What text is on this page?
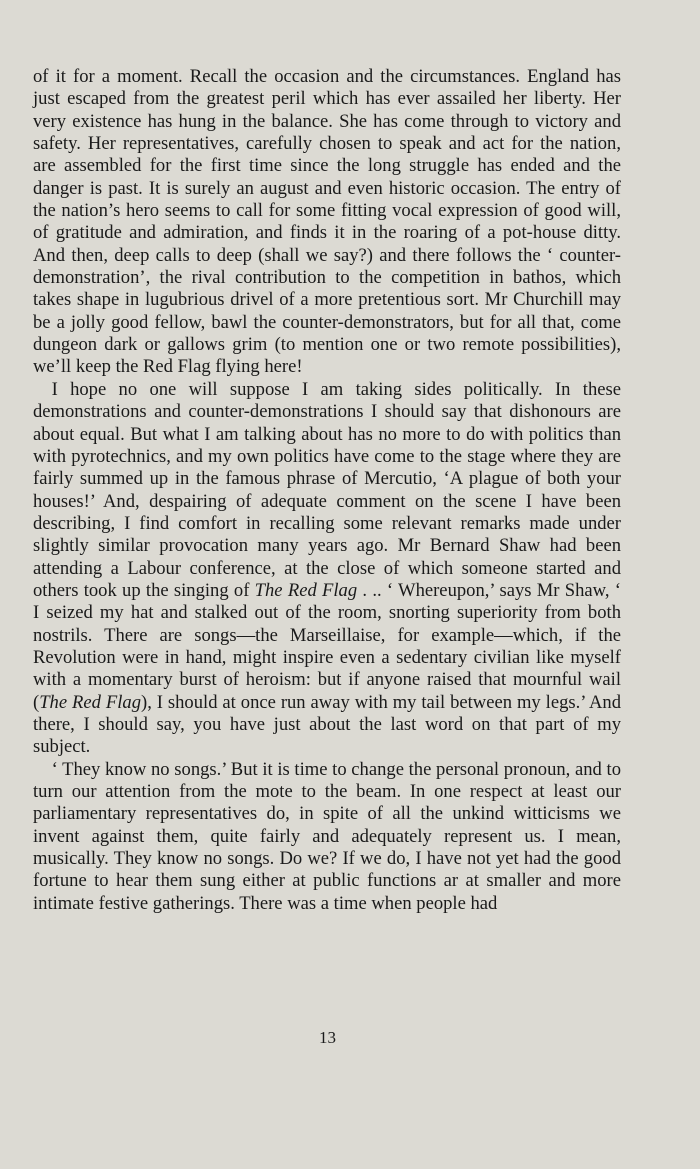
of it for a moment. Recall the occasion and the circumstances. England has just escaped from the greatest peril which has ever assailed her liberty. Her very existence has hung in the balance. She has come through to victory and safety. Her representatives, carefully chosen to speak and act for the nation, are assembled for the first time since the long struggle has ended and the danger is past. It is surely an august and even historic occasion. The entry of the nation’s hero seems to call for some fitting vocal expression of good will, of gratitude and admiration, and finds it in the roaring of a pot-house ditty. And then, deep calls to deep (shall we say?) and there follows the ‘ counter-demonstration’, the rival contribution to the competition in bathos, which takes shape in lugubrious drivel of a more pretentious sort. Mr Churchill may be a jolly good fellow, bawl the counter-demonstrators, but for all that, come dungeon dark or gallows grim (to mention one or two remote possibilities), we’ll keep the Red Flag flying here!

I hope no one will suppose I am taking sides politically. In these demonstrations and counter-demonstrations I should say that dishonours are about equal. But what I am talking about has no more to do with politics than with pyrotechnics, and my own politics have come to the stage where they are fairly summed up in the famous phrase of Mercutio, ‘A plague of both your houses!’ And, despairing of adequate comment on the scene I have been describing, I find comfort in recalling some relevant remarks made under slightly similar provocation many years ago. Mr Bernard Shaw had been attending a Labour conference, at the close of which someone started and others took up the singing of The Red Flag . .. ‘ Whereupon,’ says Mr Shaw, ‘ I seized my hat and stalked out of the room, snorting superiority from both nostrils. There are songs—the Marseillaise, for example—which, if the Revolution were in hand, might inspire even a sedentary civilian like myself with a momentary burst of heroism: but if anyone raised that mournful wail (The Red Flag), I should at once run away with my tail between my legs.’ And there, I should say, you have just about the last word on that part of my subject.

‘ They know no songs.’ But it is time to change the personal pronoun, and to turn our attention from the mote to the beam. In one respect at least our parliamentary representatives do, in spite of all the unkind witticisms we invent against them, quite fairly and adequately represent us. I mean, musically. They know no songs. Do we? If we do, I have not yet had the good fortune to hear them sung either at public functions ar at smaller and more intimate festive gatherings. There was a time when people had

13
